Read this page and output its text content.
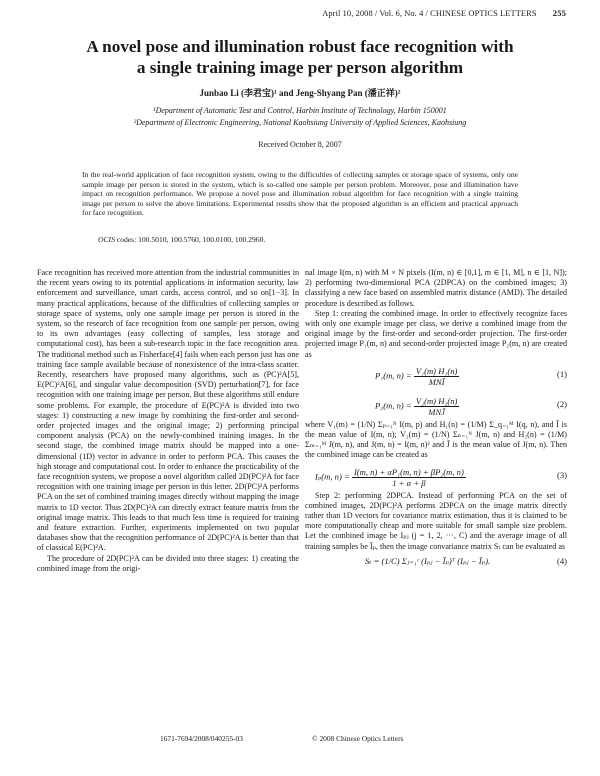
April 10, 2008 / Vol. 6, No. 4 / CHINESE OPTICS LETTERS 255
A novel pose and illumination robust face recognition with
a single training image per person algorithm
Junbao Li (李君宝)¹ and Jeng-Shyang Pan (潘正祥)²
¹Department of Automatic Test and Control, Harbin Institute of Technology, Harbin 150001
²Department of Electronic Engineering, National Kaohsiung University of Applied Sciences, Kaohsiung
Received October 8, 2007
In the real-world application of face recognition system, owing to the difficulties of collecting samples or storage space of systems, only one sample image per person is stored in the system, which is so-called one sample per person problem. Moreover, pose and illumination have impact on recognition performance. We propose a novel pose and illumination robust algorithm for face recognition with a single training image per person to solve the above limitations. Experimental results show that the proposed algorithm is an efficient and practical approach for face recognition.
OCIS codes: 100.5010, 100.5760, 100.0100, 100.2960.

Face recognition has received more attention from the industrial communities in the recent years owing to its potential applications in information security, law enforcement and surveillance, smart cards, access control, and so on[1−3]. In many practical applications, because of the difficulties of collecting samples or storage space of systems, only one sample image per person is stored in the system, so the research of face recognition from one sample per person, owing to its own advantages (easy collecting of samples, less storage and computational cost), has been a sub-research topic in the face recognition area. The traditional method such as Fisherface[4] fails when each person just has one training face sample available because of nonexistence of the intra-class scatter. Recently, researchers have proposed many algorithms, such as (PC)²A[5], E(PC)²A[6], and singular value decomposition (SVD) perturbation[7], for face recognition with one training image per person. But these algorithms still endure some problems. For example, the procedure of E(PC)²A is divided into two stages: 1) constructing a new image by combining the first-order and second-order projected images and the original image; 2) performing principal component analysis (PCA) on the newly-combined training images. In the second stage, the combined image matrix should be mapped into a one-dimensional (1D) vector in advance in order to perform PCA. This causes the high storage and computational cost. In order to enhance the practicability of the face recognition system, we propose a novel algorithm called 2D(PC)²A for face recognition with one training image per person in this letter. 2D(PC)²A performs PCA on the set of combined training images directly without mapping the image matrix to 1D vector. Thus 2D(PC)²A can directly extract feature matrix from the original image matrix. This leads to that much less time is required for training and feature extraction. Further, experiments implemented on two popular databases show that the recognition performance of 2D(PC)²A is better than that of classical E(PC)²A.

The procedure of 2D(PC)²A can be divided into three stages: 1) creating the combined image from the origi-

nal image I(m, n) with M × N pixels (I(m, n) ∈ [0,1], m ∈ [1, M], n ∈ [1, N]); 2) performing two-dimensional PCA (2DPCA) on the combined images; 3) classifying a new face based on assembled matrix distance (AMD). The detailed procedure is described as follows.

Step 1: creating the combined image. In order to effectively recognize faces with only one example image per class, we derive a combined image from the original image by the first-order and second-order projection. The first-order projected image P₁(m, n) and second-order projected image P₂(m, n) are created as

P₁(m, $n) = \frac{\text{V₁(m) H₁(n)}}{\text{MNĪ}}$	(1)
P₂(m, $n) = \frac{\text{V₂(m) H₂(n)}}{\text{MNJ̄}}$	(2)

where V₁(m) = (1/N) Σₚ₌₁ᴺ I(m, p) and H₁(n) = (1/M) Σ_q₌₁ᴹ I(q, n), and Ī is the mean value of I(m, n); V₂(m) = (1/N) Σₙ₌₁ᴺ J(m, n) and H₂(n) = (1/M) Σₘ₌₁ᴹ J(m, n), and J(m, n) = I(m, n)² and J̄ is the mean value of J(m, n). Then the combined image can be created as

Iₚ(m, $n) = \frac{\text{I(m, n) + αP₁(m, n) + βP₂(m, n)}}{1 + \alpha + \beta}$	(3)

Step 2: performing 2DPCA. Instead of performing PCA on the set of combined images, 2D(PC)²A performs 2DPCA on the image matrix directly rather than 1D vectors for covariance matrix estimation, thus it is claimed to be more computationally cheap and more suitable for small sample size problem. Let the combined image be Iₚⱼ (j = 1, 2, ···, C) and the average image of all training samples be Īₚ, then the image convariance matrix Sₜ can be evaluated as

Sₜ = (1/C) Σⱼ₌₁ᶜ (Iₚⱼ − Īₚ)ᵀ (Iₚⱼ − Īₚ).	(4)
1671-7694/2008/040255-03	© 2008 Chinese Optics Letters
